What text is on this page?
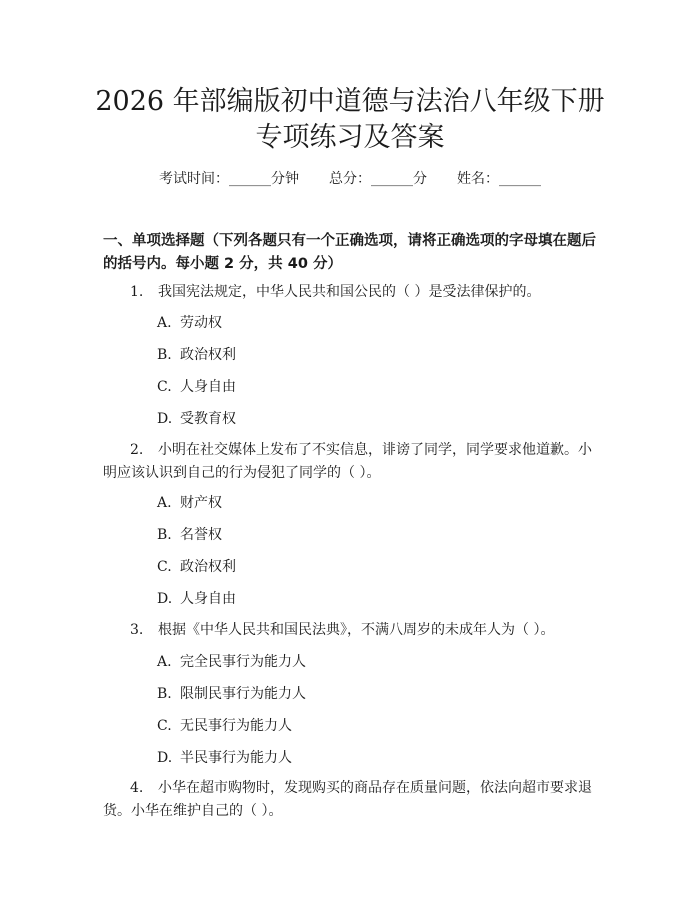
2026 年部编版初中道德与法治八年级下册专项练习及答案
考试时间：______分钟 总分：______分 姓名：______
一、单项选择题（下列各题只有一个正确选项，请将正确选项的字母填在题后的括号内。每小题 2 分，共 40 分）
1. 我国宪法规定，中华人民共和国公民的（ ）是受法律保护的。
A. 劳动权
B. 政治权利
C. 人身自由
D. 受教育权
2. 小明在社交媒体上发布了不实信息，诽谤了同学，同学要求他道歉。小明应该认识到自己的行为侵犯了同学的（ ）。
A. 财产权
B. 名誉权
C. 政治权利
D. 人身自由
3. 根据《中华人民共和国民法典》，不满八周岁的未成年人为（ ）。
A. 完全民事行为能力人
B. 限制民事行为能力人
C. 无民事行为能力人
D. 半民事行为能力人
4. 小华在超市购物时，发现购买的商品存在质量问题，依法向超市要求退货。小华在维护自己的（ ）。
